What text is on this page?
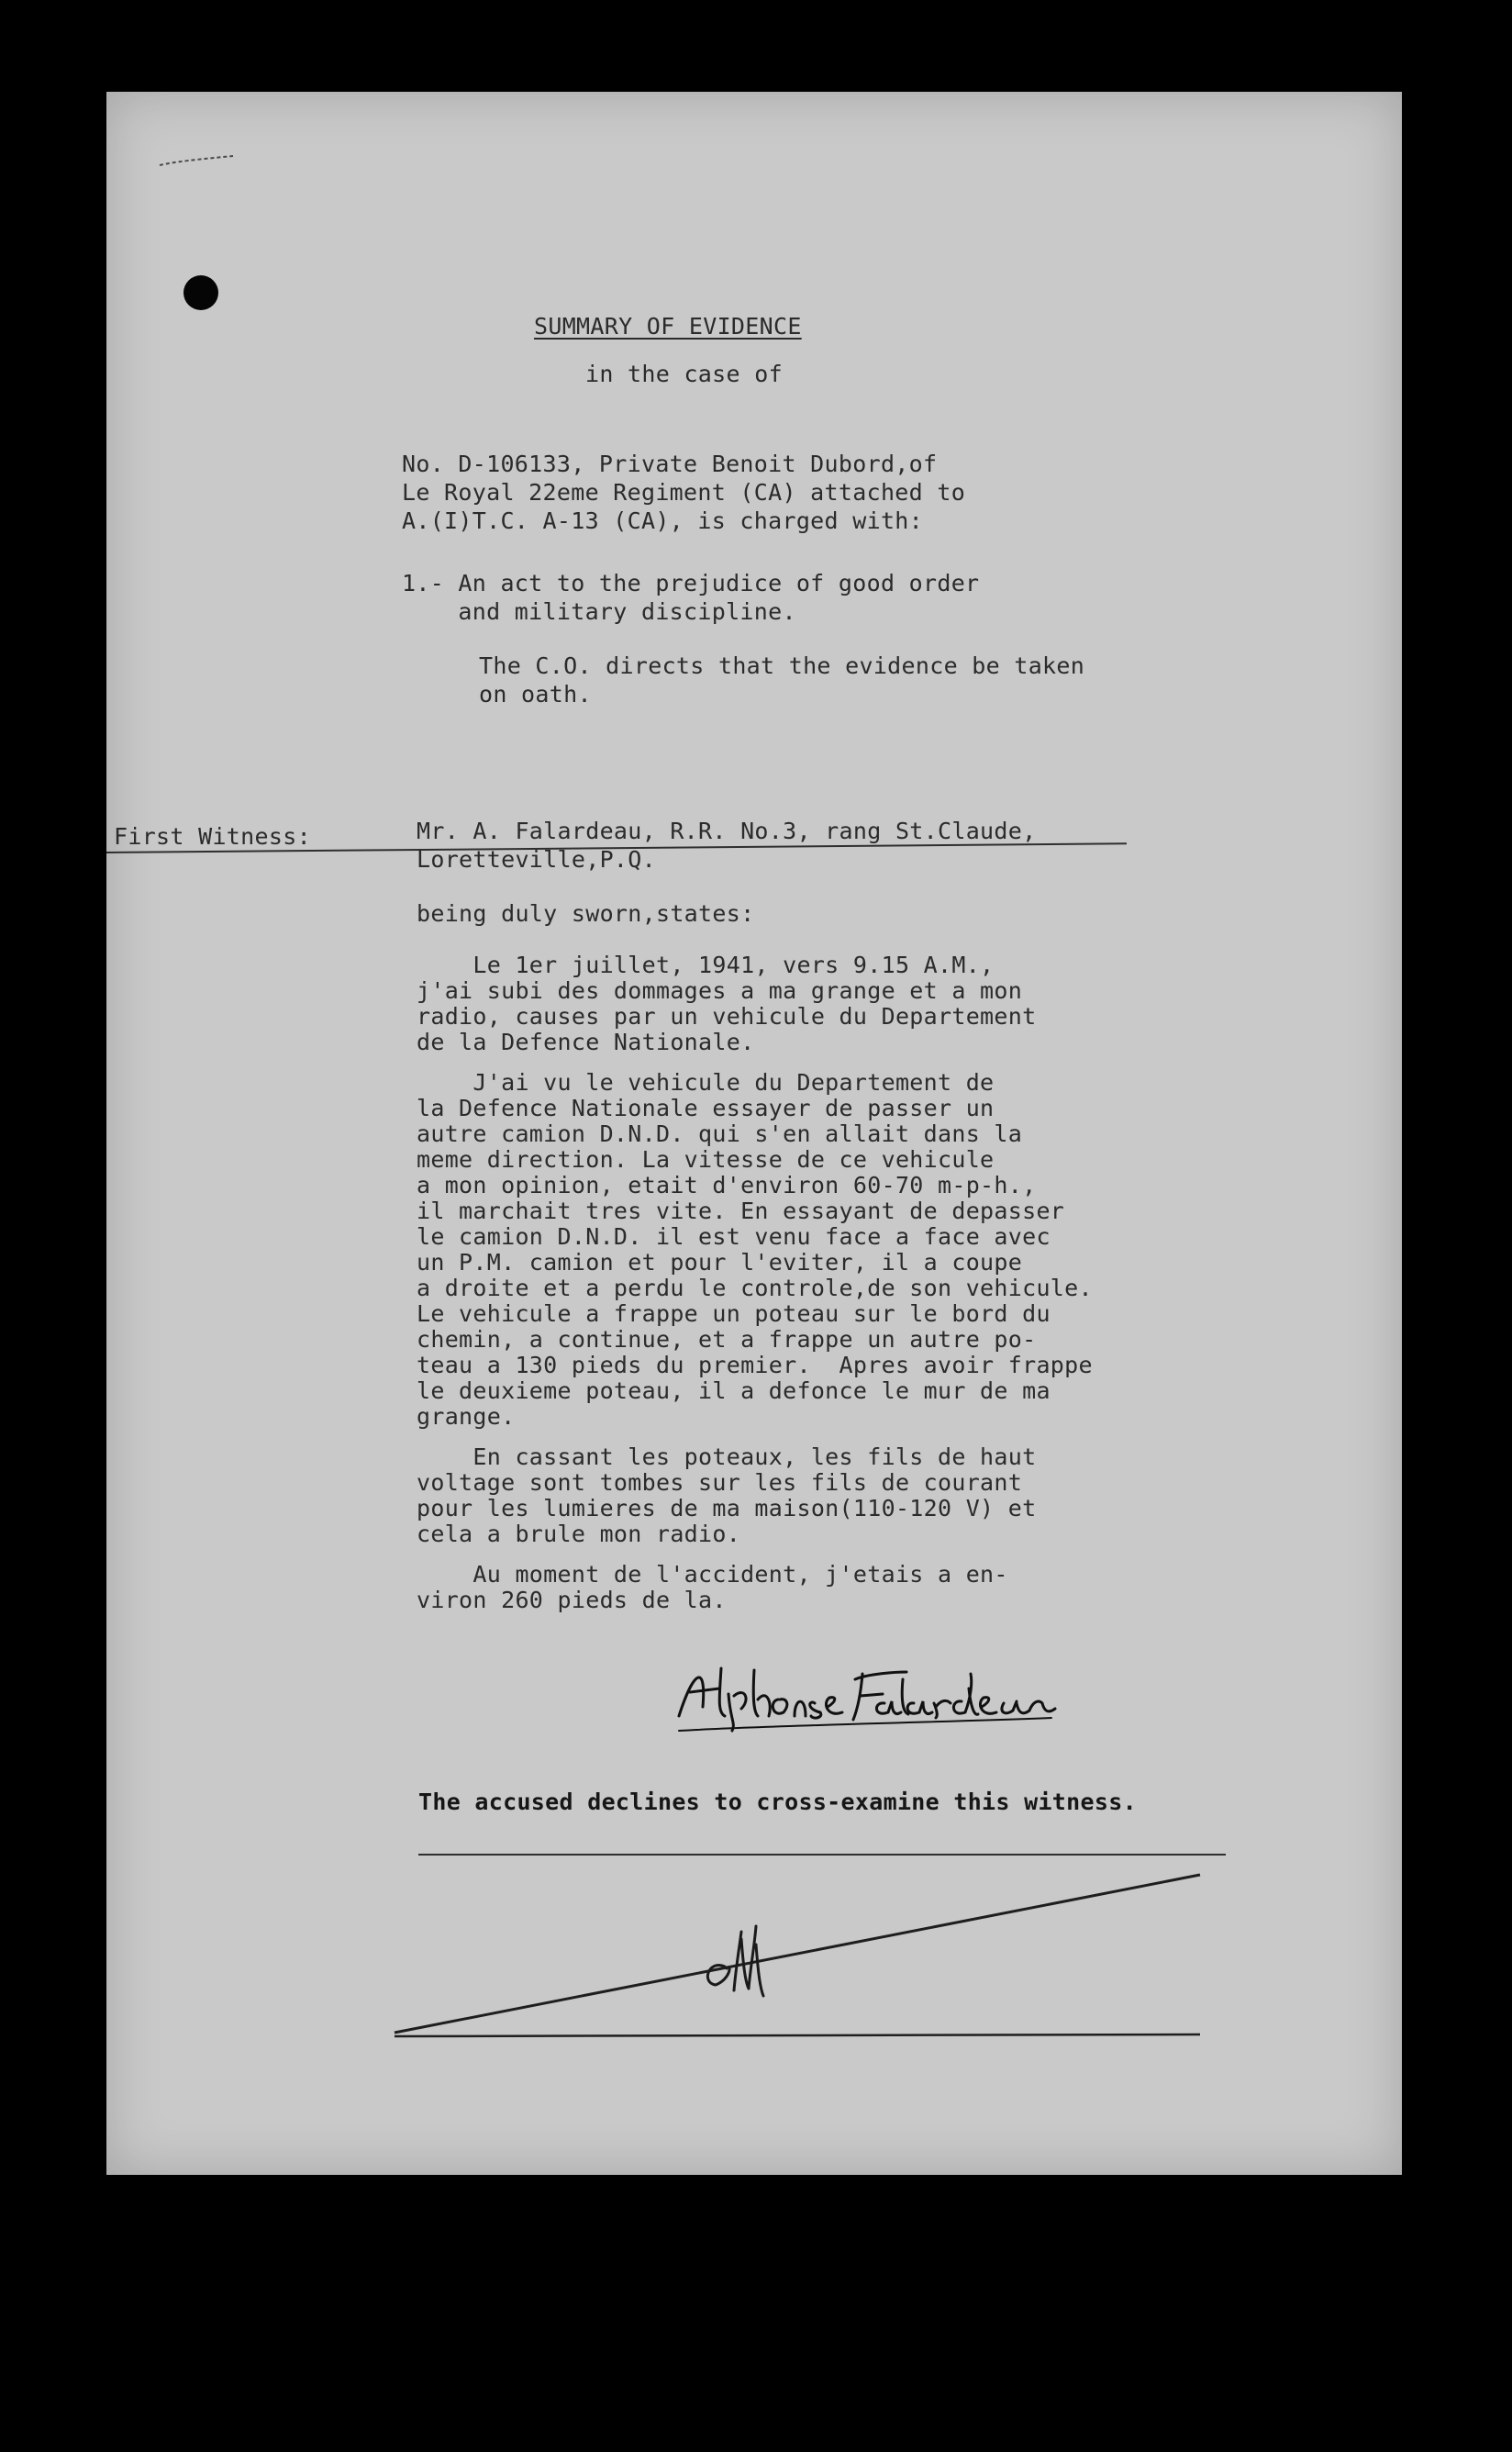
SUMMARY OF EVIDENCE
in the case of
No. D-106133, Private Benoit Dubord,of
Le Royal 22eme Regiment (CA) attached to
A.(I)T.C. A-13 (CA), is charged with:
1.- An act to the prejudice of good order
and military discipline.
The C.O. directs that the evidence be taken
on oath.
First Witness:	Mr. A. Falardeau, R.R. No.3, rang St.Claude,
Loretteville,P.Q.
being duly sworn,states:
Le 1er juillet, 1941, vers 9.15 A.M.,
j'ai subi des dommages a ma grange et a mon
radio, causes par un vehicule du Departement
de la Defence Nationale.
J'ai vu le vehicule du Departement de
la Defence Nationale essayer de passer un
autre camion D.N.D. qui s'en allait dans la
meme direction. La vitesse de ce vehicule
a mon opinion, etait d'environ 60-70 m-p-h.,
il marchait tres vite. En essayant de depasser
le camion D.N.D. il est venu face a face avec
un P.M. camion et pour l'eviter, il a coupe
a droite et a perdu le controle,de son vehicule.
Le vehicule a frappe un poteau sur le bord du
chemin, a continue, et a frappe un autre po-
teau a 130 pieds du premier.  Apres avoir frappe
le deuxieme poteau, il a defonce le mur de ma
grange.
En cassant les poteaux, les fils de haut
voltage sont tombes sur les fils de courant
pour les lumieres de ma maison(110-120 V) et
cela a brule mon radio.
Au moment de l'accident, j'etais a en-
viron 260 pieds de la.
The accused declines to cross-examine this witness.
